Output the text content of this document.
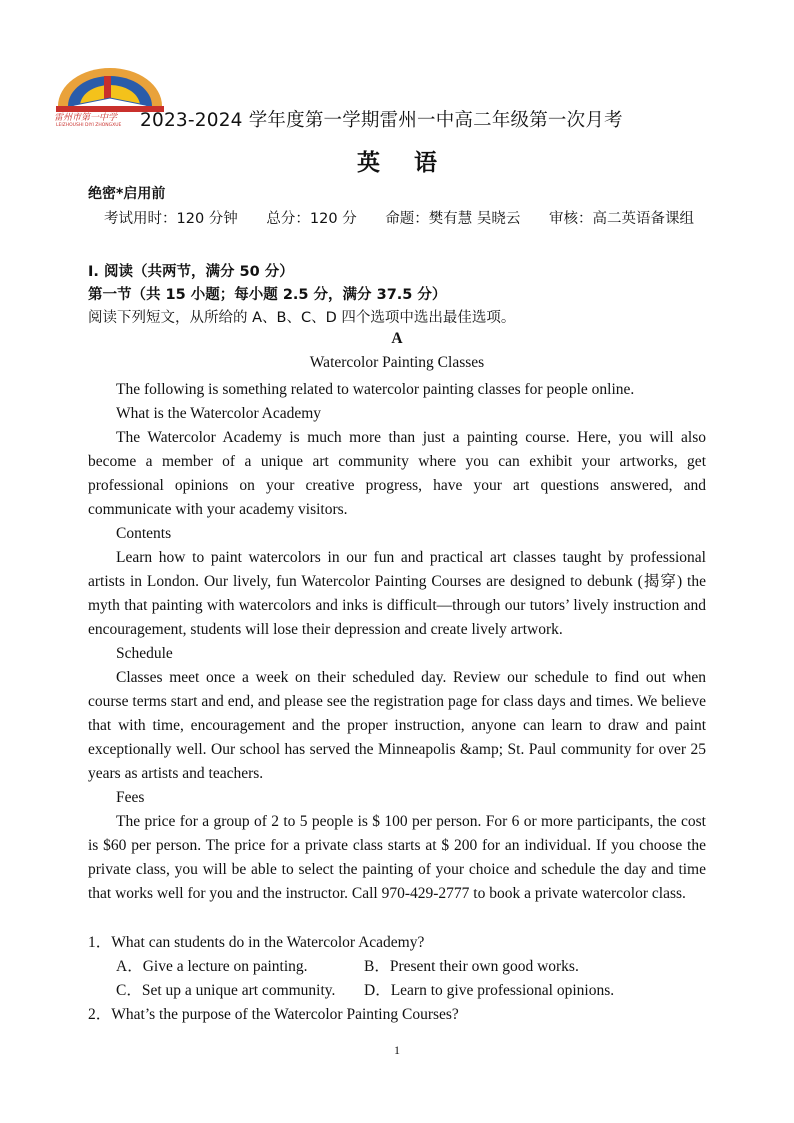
雷州市第一中学
LEIZHOUSHI DIYI ZHONGXUE 2023-2024 学年度第一学期雷州一中高二年级第一次月考
英语
绝密*启用前
考试用时：120 分钟 总分：120 分 命题：樊有慧 吴晓云 审核：高二英语备课组
Ⅰ. 阅读（共两节，满分 50 分）
第一节（共 15 小题；每小题 2.5 分，满分 37.5 分）
阅读下列短文，从所给的 A、B、C、D 四个选项中选出最佳选项。
A
Watercolor Painting Classes

The following is something related to watercolor painting classes for people online.

What is the Watercolor Academy

The Watercolor Academy is much more than just a painting course. Here, you will also become a member of a unique art community where you can exhibit your artworks, get professional opinions on your creative progress, have your art questions answered, and communicate with your academy visitors.

Contents

Learn how to paint watercolors in our fun and practical art classes taught by professional artists in London. Our lively, fun Watercolor Painting Courses are designed to debunk (揭穿) the myth that painting with watercolors and inks is difficult—through our tutors’ lively instruction and encouragement, students will lose their depression and create lively artwork.

Schedule

Classes meet once a week on their scheduled day. Review our schedule to find out when course terms start and end, and please see the registration page for class days and times. We believe that with time, encouragement and the proper instruction, anyone can learn to draw and paint exceptionally well. Our school has served the Minneapolis &amp; St. Paul community for over 25 years as artists and teachers.

Fees

The price for a group of 2 to 5 people is $ 100 per person. For 6 or more participants, the cost is $60 per person. The price for a private class starts at $ 200 for an individual. If you choose the private class, you will be able to select the painting of your choice and schedule the day and time that works well for you and the instructor. Call 970-429-2777 to book a private watercolor class.

1．What can students do in the Watercolor Academy?
A．Give a lecture on painting.	B．Present their own good works.
C．Set up a unique art community. D．Learn to give professional opinions.
2．What’s the purpose of the Watercolor Painting Courses?
1
